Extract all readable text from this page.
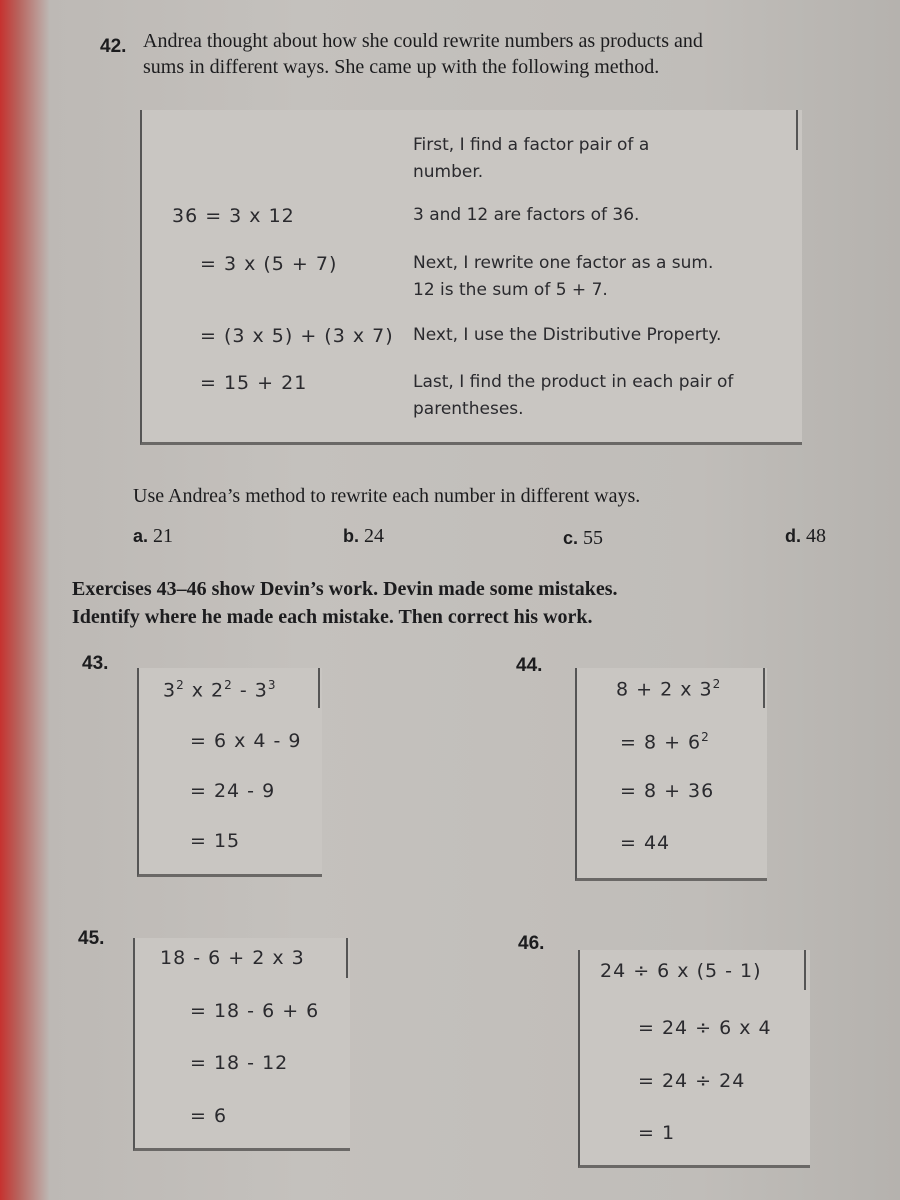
42. Andrea thought about how she could rewrite numbers as products and
sums in different ways. She came up with the following method.
First, I find a factor pair of a
number.
36 = 3 x 12	3 and 12 are factors of 36.
= 3 x (5 + 7)	Next, I rewrite one factor as a sum.
12 is the sum of 5 + 7.
= (3 x 5) + (3 x 7) Next, I use the Distributive Property.
= 15 + 21	Last, I find the product in each pair of
parentheses.
Use Andrea’s method to rewrite each number in different ways.
a. 21	b. 24	c. 55	d. 48
Exercises 43–46 show Devin’s work. Devin made some mistakes.
Identify where he made each mistake. Then correct his work.
43.
$3^2$ x $2^2 - 3^3$
= 6 x 4 - 9
= 24 - 9
= 15
44.
8 + 2 x $3^2$
= $8 + 6^2$
= 8 + 36
= 44
45.
18 - 6 + 2 x 3
= 18 - 6 + 6
= 18 - 12
= 6
46.
24 ÷ 6 x (5 - 1)
= 24 ÷ 6 x 4
= 24 ÷ 24
= 1
